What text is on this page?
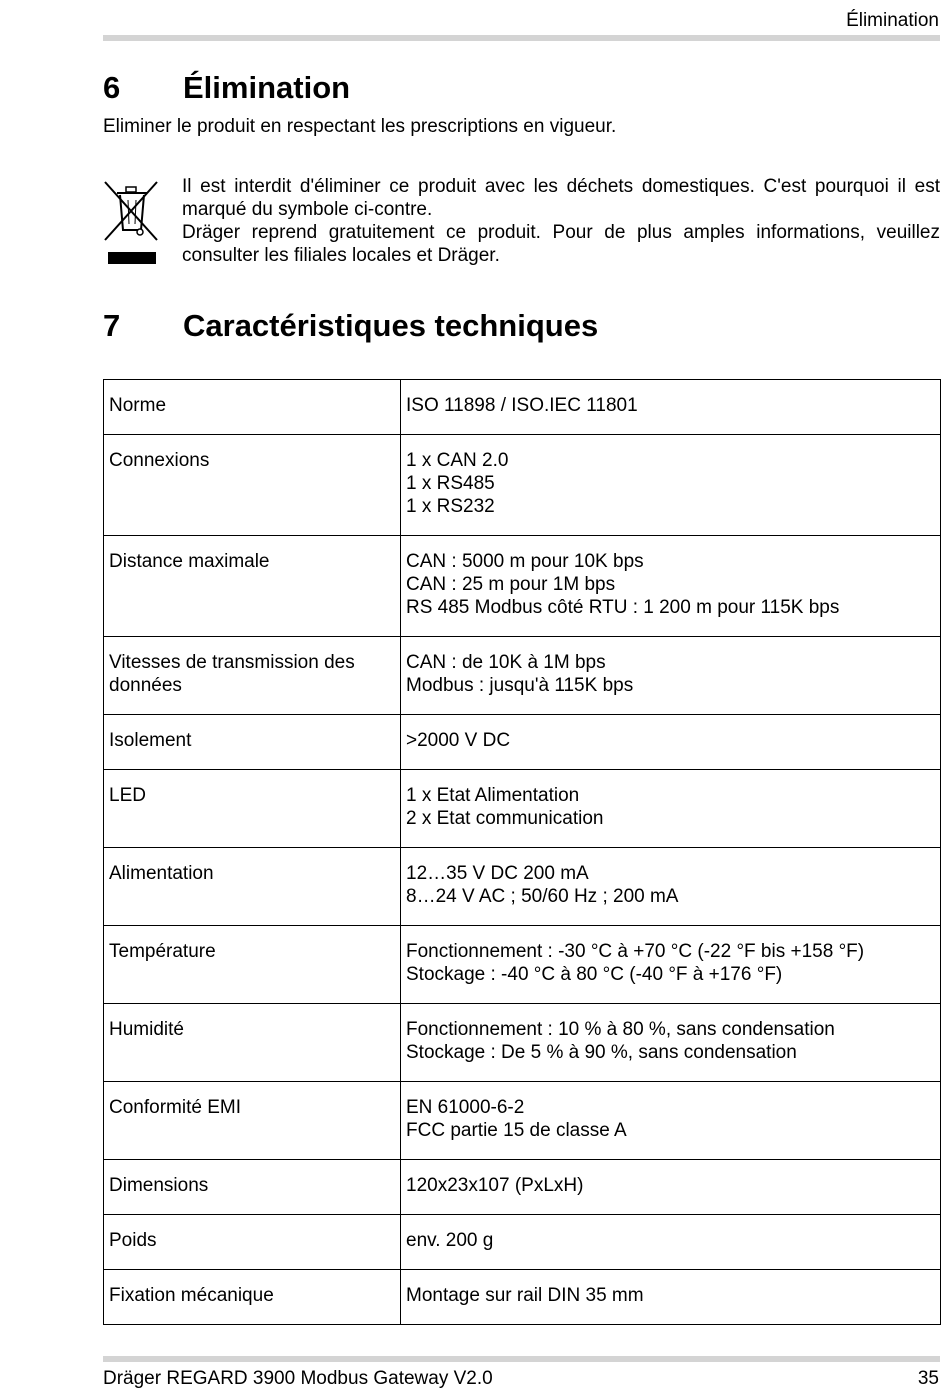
Élimination
6 Élimination
Eliminer le produit en respectant les prescriptions en vigueur.

Il est interdit d'éliminer ce produit avec les déchets domestiques. C'est pourquoi il est marqué du symbole ci-contre.

Dräger reprend gratuitement ce produit. Pour de plus amples informations, veuillez consulter les filiales locales et Dräger.

7 Caractéristiques techniques
Norme	ISO 11898 / ISO.IEC 11801

Connexions	1 x CAN 2.0
1 x RS485
1 x RS232

Distance maximale	CAN : 5000 m pour 10K bps
CAN : 25 m pour 1M bps
RS 485 Modbus côté RTU : 1 200 m pour 115K bps

Vitesses de transmission des données	CAN : de 10K à 1M bps
Modbus : jusqu'à 115K bps

Isolement	>2000 V DC

LED	1 x Etat Alimentation
2 x Etat communication

Alimentation	12…35 V DC 200 mA
8…24 V AC ; 50/60 Hz ; 200 mA

Température	Fonctionnement : -30 °C à +70 °C (-22 °F bis +158 °F)
Stockage : -40 °C à 80 °C (-40 °F à +176 °F)

Humidité	Fonctionnement : 10 % à 80 %, sans condensation
Stockage : De 5 % à 90 %, sans condensation

Conformité EMI	EN 61000-6-2
FCC partie 15 de classe A

Dimensions	120x23x107 (PxLxH)

Poids	env. 200 g

Fixation mécanique	Montage sur rail DIN 35 mm
Dräger REGARD 3900 Modbus Gateway V2.0	35
